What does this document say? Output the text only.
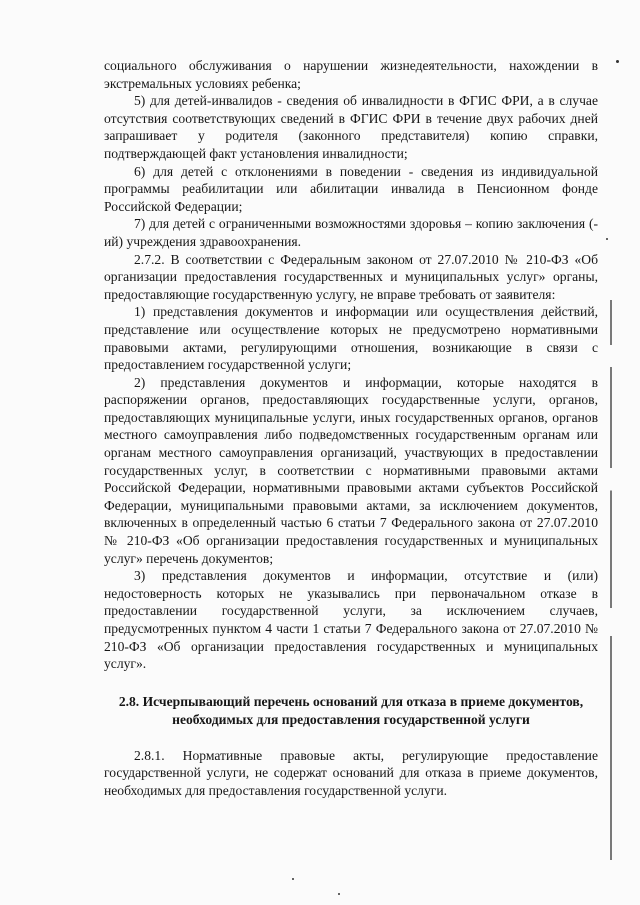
социального обслуживания о нарушении жизнедеятельности, нахождении в экстремальных условиях ребенка;

5) для детей-инвалидов - сведения об инвалидности в ФГИС ФРИ, а в случае отсутствия соответствующих сведений в ФГИС ФРИ в течение двух рабочих дней запрашивает у родителя (законного представителя) копию справки, подтверждающей факт установления инвалидности;

6) для детей с отклонениями в поведении - сведения из индивидуальной программы реабилитации или абилитации инвалида в Пенсионном фонде Российской Федерации;

7) для детей с ограниченными возможностями здоровья – копию заключения (-ий) учреждения здравоохранения.

2.7.2. В соответствии с Федеральным законом от 27.07.2010 № 210-ФЗ «Об организации предоставления государственных и муниципальных услуг» органы, предоставляющие государственную услугу, не вправе требовать от заявителя:

1) представления документов и информации или осуществления действий, представление или осуществление которых не предусмотрено нормативными правовыми актами, регулирующими отношения, возникающие в связи с предоставлением государственной услуги;

2) представления документов и информации, которые находятся в распоряжении органов, предоставляющих государственные услуги, органов, предоставляющих муниципальные услуги, иных государственных органов, органов местного самоуправления либо подведомственных государственным органам или органам местного самоуправления организаций, участвующих в предоставлении государственных услуг, в соответствии с нормативными правовыми актами Российской Федерации, нормативными правовыми актами субъектов Российской Федерации, муниципальными правовыми актами, за исключением документов, включенных в определенный частью 6 статьи 7 Федерального закона от 27.07.2010 № 210-ФЗ «Об организации предоставления государственных и муниципальных услуг» перечень документов;

3) представления документов и информации, отсутствие и (или) недостоверность которых не указывались при первоначальном отказе в предоставлении государственной услуги, за исключением случаев, предусмотренных пунктом 4 части 1 статьи 7 Федерального закона от 27.07.2010 № 210-ФЗ «Об организации предоставления государственных и муниципальных услуг».

2.8. Исчерпывающий перечень оснований для отказа в приеме документов, необходимых для предоставления государственной услуги

2.8.1. Нормативные правовые акты, регулирующие предоставление государственной услуги, не содержат оснований для отказа в приеме документов, необходимых для предоставления государственной услуги.
